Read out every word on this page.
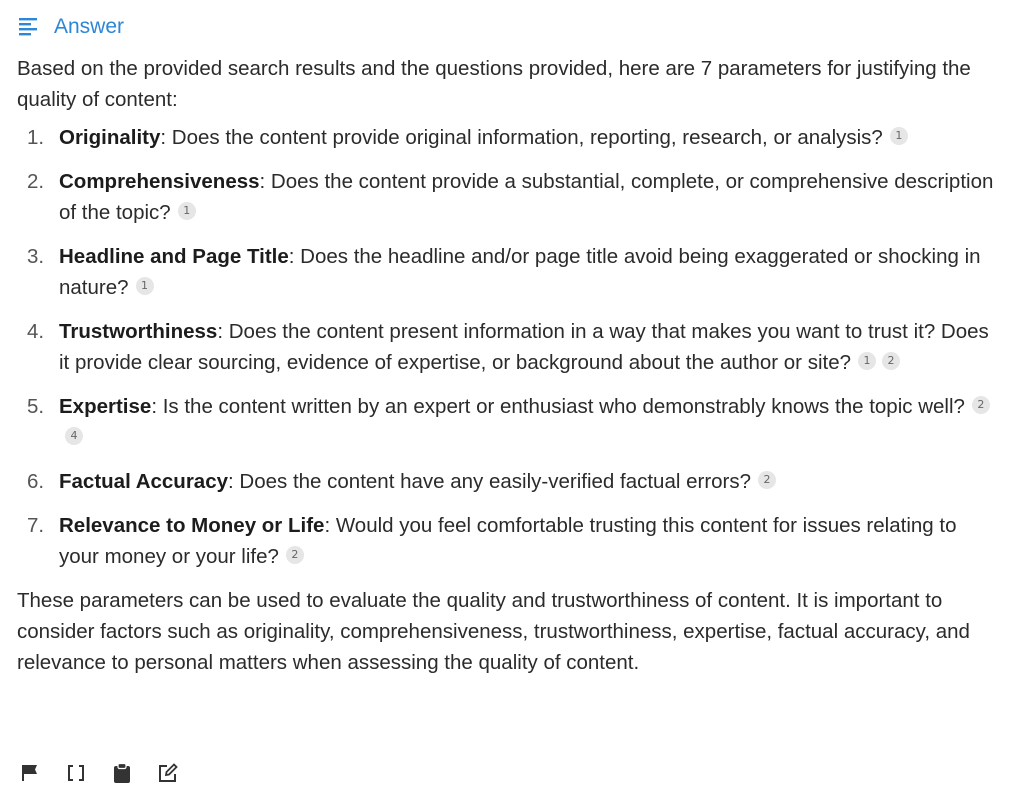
Answer
Based on the provided search results and the questions provided, here are 7 parameters for justifying the quality of content:
1. Originality: Does the content provide original information, reporting, research, or analysis? 1
2. Comprehensiveness: Does the content provide a substantial, complete, or comprehensive description of the topic? 1
3. Headline and Page Title: Does the headline and/or page title avoid being exaggerated or shocking in nature? 1
4. Trustworthiness: Does the content present information in a way that makes you want to trust it? Does it provide clear sourcing, evidence of expertise, or background about the author or site? 1 2
5. Expertise: Is the content written by an expert or enthusiast who demonstrably knows the topic well? 24
6. Factual Accuracy: Does the content have any easily-verified factual errors? 2
7. Relevance to Money or Life: Would you feel comfortable trusting this content for issues relating to your money or your life? 2
These parameters can be used to evaluate the quality and trustworthiness of content. It is important to consider factors such as originality, comprehensiveness, trustworthiness, expertise, factual accuracy, and relevance to personal matters when assessing the quality of content.
